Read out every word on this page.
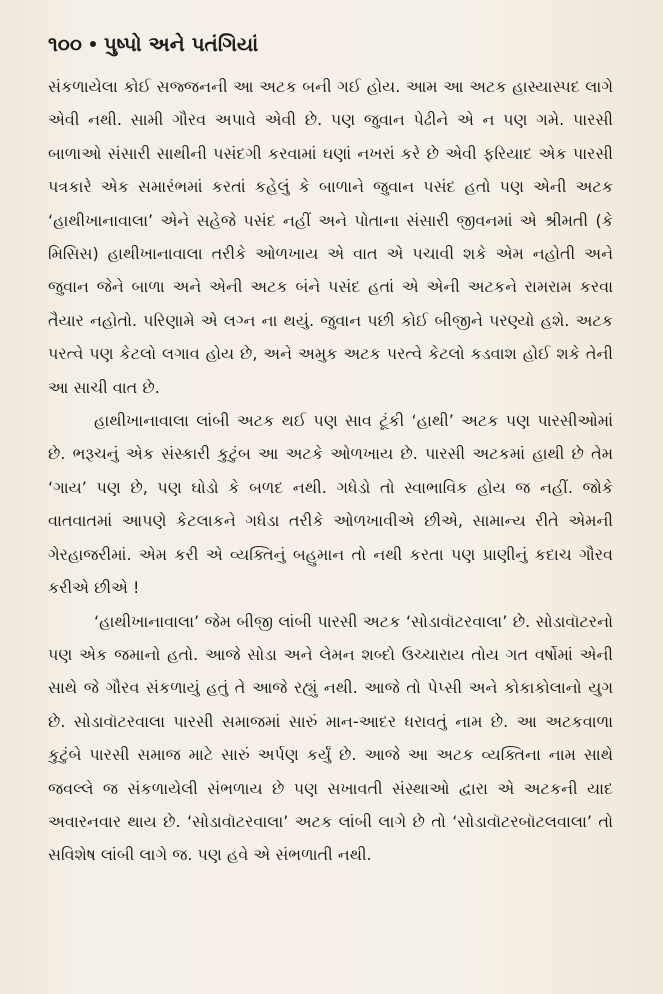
૧૦૦ પુષ્પો અને પતંગિયાં

સંકળાયેલા કોઈ સજ્જનની આ અટક બની ગઈ હોય. આમ આ અટક હાસ્યાસ્પદ લાગે એવી નથી. સામી ગૌરવ અપાવે એવી છે. પણ જુવાન પેઢીને એ ન પણ ગમે. પારસી બાળાઓ સંસારી સાથીની પસંદગી કરવામાં ઘણાં નખરાં કરે છે એવી ફરિયાદ એક પારસી પત્રકારે એક સમારંભમાં કરતાં કહેલું કે બાળાને જુવાન પસંદ હતો પણ એની અટક ‘હાથીખાનાવાલા’ એને સહેજે પસંદ નહીં અને પોતાના સંસારી જીવનમાં એ શ્રીમતી (કે મિસિસ) હાથીખાનાવાલા તરીકે ઓળખાય એ વાત એ પચાવી શકે એમ નહોતી અને જુવાન જેને બાળા અને એની અટક બંને પસંદ હતાં એ એની અટકને રામરામ કરવા તૈયાર નહોતો. પરિણામે એ લગ્ન ના થયું. જુવાન પછી કોઈ બીજીને પરણ્યો હશે. અટક પરત્વે પણ કેટલો લગાવ હોય છે, અને અમુક અટક પરત્વે કેટલો કડવાશ હોઈ શકે તેની આ સાચી વાત છે.

હાથીખાનાવાલા લાંબી અટક થઈ પણ સાવ ટૂંકી ‘હાથી’ અટક પણ પારસીઓમાં છે. ભરૂચનું એક સંસ્કારી કુટુંબ આ અટકે ઓળખાય છે. પારસી અટકમાં હાથી છે તેમ ‘ગાય’ પણ છે, પણ ઘોડો કે બળદ નથી. ગધેડો તો સ્વાભાવિક હોય જ નહીં. જોકે વાતવાતમાં આપણે કેટલાકને ગધેડા તરીકે ઓળખાવીએ છીએ, સામાન્ય રીતે એમની ગેરહાજરીમાં. એમ કરી એ વ્યક્તિનું બહુમાન તો નથી કરતા પણ પ્રાણીનું કદાચ ગૌરવ કરીએ છીએ !

‘હાથીખાનાવાલા’ જેમ બીજી લાંબી પારસી અટક ‘સોડાવૉટરવાલા’ છે. સોડાવૉટરનો પણ એક જમાનો હતો. આજે સોડા અને લેમન શબ્દો ઉચ્ચારાય તોય ગત વર્ષોમાં એની સાથે જે ગૌરવ સંકળાયું હતું તે આજે રહ્યું નથી. આજે તો પેપ્સી અને કોકાકોલાનો યુગ છે. સોડાવૉટરવાલા પારસી સમાજમાં સારું માન-આદર ધરાવતું નામ છે. આ અટકવાળા કુટુંબે પારસી સમાજ માટે સારું અર્પણ કર્યું છે. આજે આ અટક વ્યક્તિના નામ સાથે જવલ્લે જ સંકળાયેલી સંભળાય છે પણ સખાવતી સંસ્થાઓ દ્વારા એ અટકની યાદ અવારનવાર થાય છે. ‘સોડાવૉટરવાલા’ અટક લાંબી લાગે છે તો ‘સોડાવૉટરબૉટલવાલા’ તો સવિશેષ લાંબી લાગે જ. પણ હવે એ સંભળાતી નથી.
